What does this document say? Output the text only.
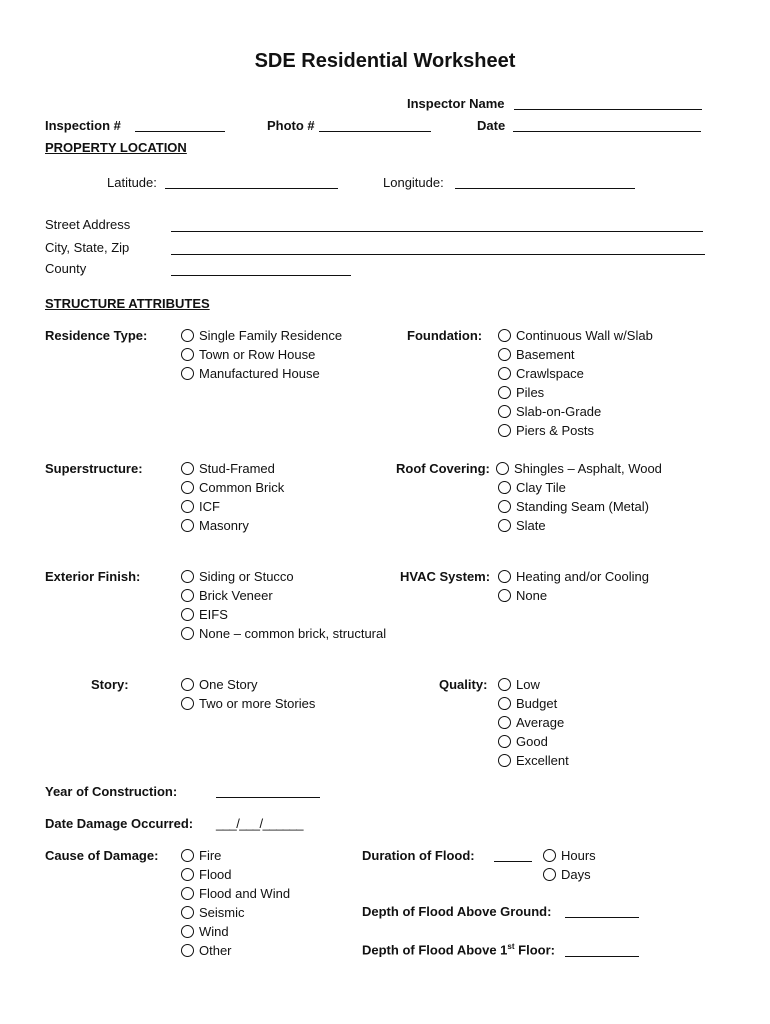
SDE Residential Worksheet
Inspector Name
Inspection #	Photo #	Date
PROPERTY LOCATION
Latitude:	Longitude:
Street Address
City, State, Zip
County
STRUCTURE ATTRIBUTES
Residence Type:	Single Family Residence
Town or Row House
Manufactured House
Foundation:	Continuous Wall w/Slab
Basement
Crawlspace
Piles
Slab-on-Grade
Piers & Posts
Superstructure:	Stud-Framed
Common Brick
ICF
Masonry
Roof Covering: Shingles – Asphalt, Wood
Clay Tile
Standing Seam (Metal)
Slate
Exterior Finish:	Siding or Stucco
Brick Veneer
EIFS
None – common brick, structural
HVAC System: Heating and/or Cooling
None
Story:	One Story
Two or more Stories
Quality: Low
Budget
Average
Good
Excellent
Year of Construction:
Date Damage Occurred: ___/___/______
Cause of Damage:	Fire
Flood
Flood and Wind
Seismic
Wind
Other
Duration of Flood:	Hours
Days
Depth of Flood Above Ground:
Depth of Flood Above 1st Floor:
